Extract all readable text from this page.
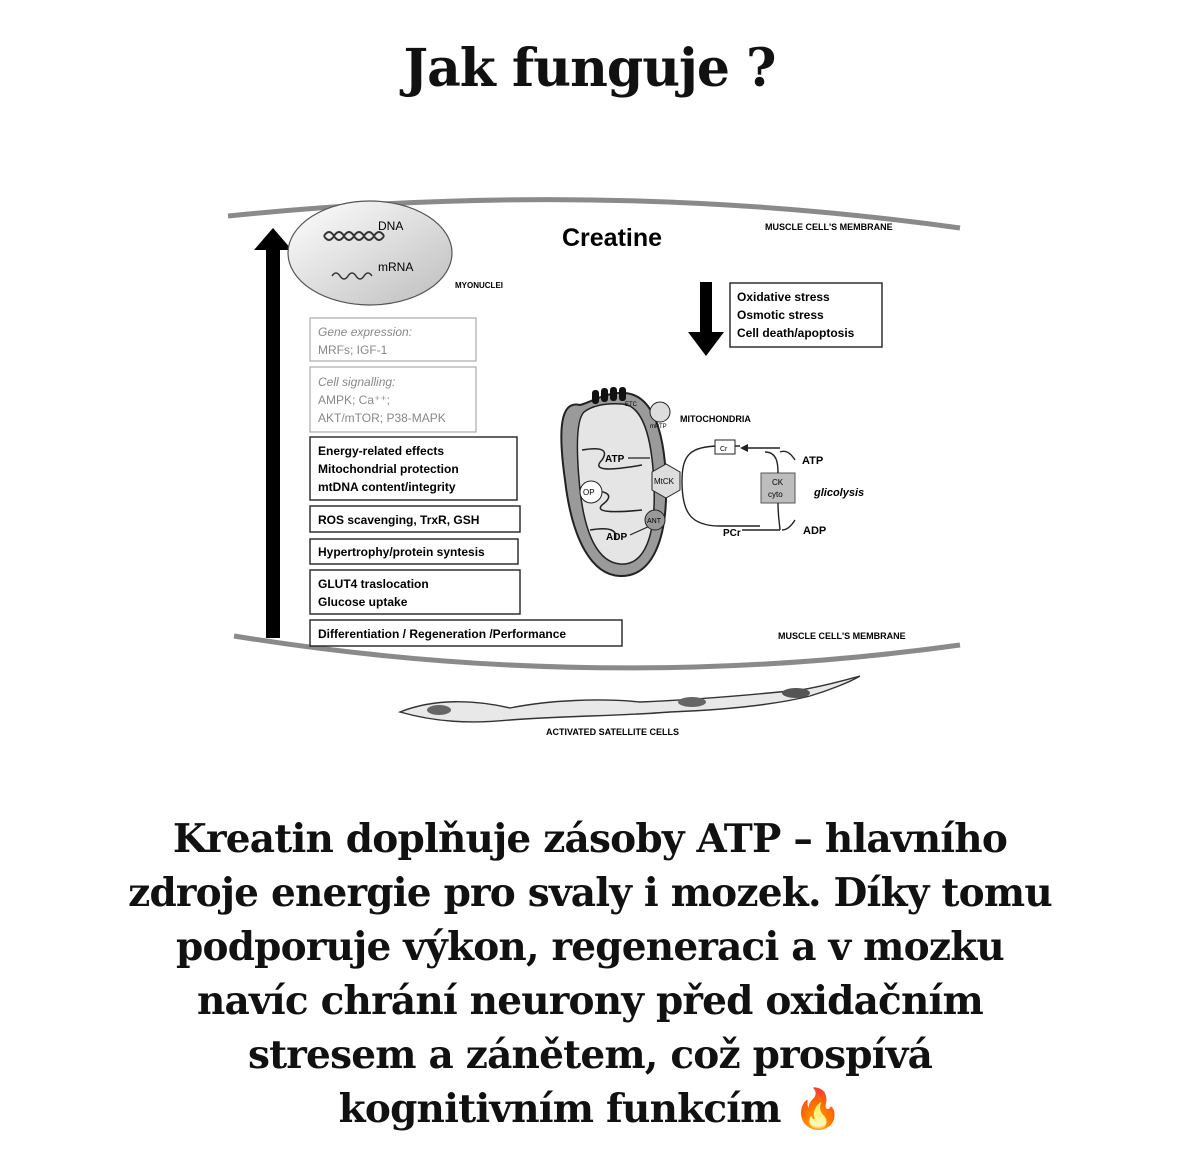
Jak funguje ?
MUSCLE CELL'S MEMBRANE
MUSCLE CELL'S MEMBRANE
DNA
mRNA
MYONUCLEI
Creatine
Gene expression:
MRFs; IGF-1
Cell signalling:
AMPK; Ca⁺⁺;
AKT/mTOR; P38-MAPK
Energy-related effects
Mitochondrial protection
mtDNA content/integrity
ROS scavenging, TrxR, GSH
Hypertrophy/protein syntesis
GLUT4 traslocation
Glucose uptake
Differentiation / Regeneration /Performance
Oxidative stress
Osmotic stress
Cell death/apoptosis
ETC
mPTP
MITOCHONDRIA
OP
ATP
ADP
MtCK
ANT
Cr
PCr
CK
cyto
ATP
ADP
glicolysis
ACTIVATED SATELLITE CELLS
Kreatin doplňuje zásoby ATP – hlavního
zdroje energie pro svaly i mozek. Díky tomu
podporuje výkon, regeneraci a v mozku
navíc chrání neurony před oxidačním
stresem a zánětem, což prospívá
kognitivním funkcím 🔥
